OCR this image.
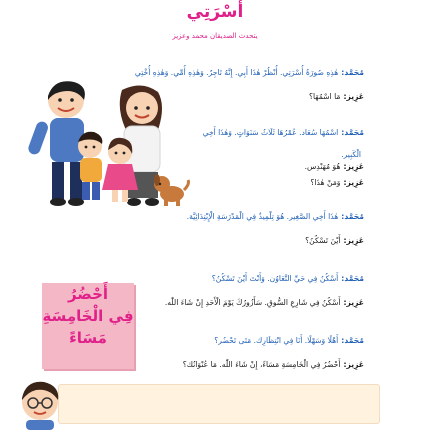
أُسْرَتِي
يتحدث الصديقان محمد وعزيز
مُحَمَّد:هٰذِهِ صُورَةُ أُسْرَتِي. أُنْظُرْ هٰذَا أَبِي. إِنَّهُ تَاجِرٌ. وَهٰذِهِ أُمِّي. وَهٰذِهِ أُخْتِي
عَزِيز:مَا اسْمُهَا؟
مُحَمَّد:اسْمُهَا سُعَاد. عُمْرُهَا ثَلَاثُ سَنَوَاتٍ. وَهٰذَا أَخِي
الْكَبِير.
عَزِيز:هُوَ مُهَنْدِس.
عَزِيز:وَمَنْ هٰذَا؟
مُحَمَّد:هٰذَا أَخِي الصَّغِير. هُوَ تِلْمِيذٌ فِي الْمَدْرَسَةِ الْإِبْتِدَائِيَّة.
عَزِيز:أَيْنَ تَسْكُنُ؟
مُحَمَّد:أَسْكُنُ فِي حَيِّ التَّعَاوُن. وَأَنْتَ أَيْنَ تَسْكُنُ؟
عَزِيز:أَسْكُنُ فِي شَارِعِ السُّوقِ. سَأَزُورُكَ يَوْمَ الْأَحَدِ إِنْ شَاءَ اللّٰه.
مُحَمَّد:أَهْلًا وَسَهْلًا. أَنَا فِي انْتِظَارِك. مَتَى تَحْضُر؟
عَزِيز:أَحْضُرُ فِي الْخَامِسَةِ مَسَاءً، إِنْ شَاءَ اللّٰه. مَا عُنْوَانُك؟
أَحْضُرُ
فِي الْخَامِسَةِ
مَسَاءً
